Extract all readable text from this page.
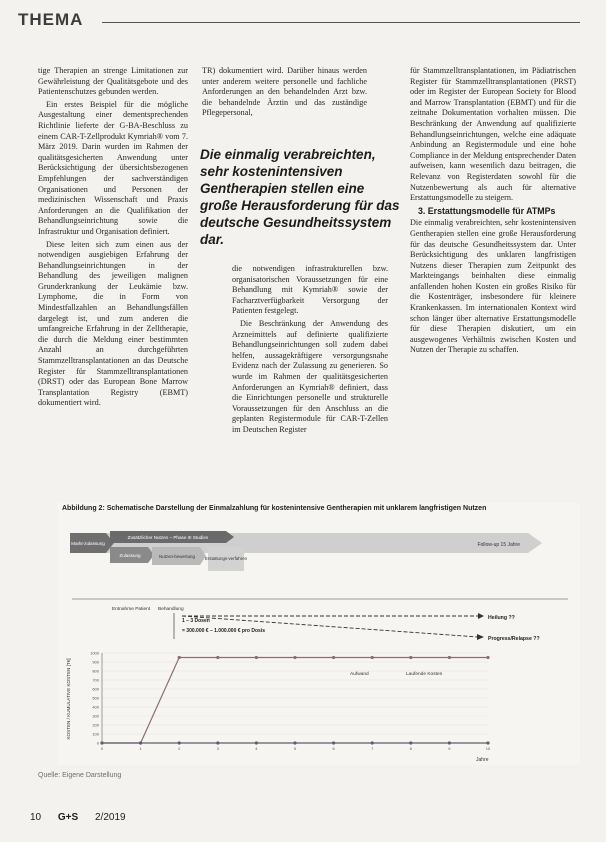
THEMA

tige Therapien an strenge Limitationen zur Gewährleistung der Qualitätsgebote und des Patientenschutzes gebunden werden.

Ein erstes Beispiel für die mögliche Ausgestaltung einer dementsprechenden Richtlinie lieferte der G-BA-Beschluss zu einem CAR-T-Zellprodukt Kymriah® vom 7. März 2019. Darin wurden im Rahmen der qualitätsgesicherten Anwendung unter Berücksichtigung der übersichtsbezogenen Empfehlungen der sachverständigen Organisationen und Personen der medizinischen Wissenschaft und Praxis Anforderungen an die Qualifikation der Behandlungseinrichtung sowie die Infrastruktur und Organisation definiert.

Diese leiten sich zum einen aus der notwendigen ausgiebigen Erfahrung der Behandlungseinrichtungen in der Behandlung des jeweiligen malignen Grunderkrankung der Leukämie bzw. Lymphome, die in Form von Mindestfallzahlen an Behandlungsfällen dargelegt ist, und zum anderen die umfangreiche Erfahrung in der Zelltherapie, die durch die Meldung einer bestimmten Anzahl an durchgeführten Stammzelltransplantationen an das Deutsche Register für Stammzelltransplantationen (DRST) oder das European Bone Marrow Transplantation Registry (EBMT) dokumentiert wird.

TR) dokumentiert wird. Darüber hinaus werden unter anderem weitere personelle und fachliche Anforderungen an den behandelnden Arzt bzw. die behandelnde Ärztin und das zuständige Pflegepersonal,

Die einmalig verabreichten, sehr kostenintensiven Gentherapien stellen eine große Herausforderung für das deutsche Gesundheitssystem dar.

die notwendigen infrastrukturellen bzw. organisatorischen Voraussetzungen für eine Behandlung mit Kymriah® sowie der Facharztverfügbarkeit Versorgung der Patienten festgelegt.

Die Beschränkung der Anwendung des Arzneimittels auf definierte qualifizierte Behandlungseinrichtungen soll zudem dabei helfen, aussagekräftigere versorgungsnahe Evidenz nach der Zulassung zu generieren. So wurde im Rahmen der qualitätsgesicherten Anforderungen an Kymriah® definiert, dass die Einrichtungen personelle und strukturelle Voraussetzungen für den Anschluss an die geplanten Registermodule für CAR-T-Zellen im Deutschen Register

für Stammzelltransplantationen, im Pädiatrischen Register für Stammzelltransplantationen (PRST) oder im Register der European Society for Blood and Marrow Transplantation (EBMT) und für die zeitnahe Dokumentation vorhalten müssen. Die Beschränkung der Anwendung auf qualifizierte Behandlungseinrichtungen, welche eine adäquate Anbindung an Registermodule und eine hohe Compliance in der Meldung entsprechender Daten aufweisen, kann wesentlich dazu beitragen, die Relevanz von Registerdaten sowohl für die Nutzenbewertung als auch für alternative Erstattungsmodelle zu steigern.

3. Erstattungsmodelle für ATMPs

Die einmalig verabreichten, sehr kostenintensiven Gentherapien stellen eine große Herausforderung für das deutsche Gesundheitssystem dar. Unter Berücksichtigung des unklaren langfristigen Nutzens dieser Therapien zum Zeitpunkt des Markteingangs beinhalten diese einmalig anfallenden hohen Kosten ein großes Risiko für die Kostenträger, insbesondere für kleinere Krankenkassen. Im internationalen Kontext wird schon länger über alternative Erstattungsmodelle für diese Therapien diskutiert, um ein ausgewogenes Verhältnis zwischen Kosten und Nutzen der Therapie zu schaffen.

Abbildung 2: Schematische Darstellung der Einmalzahlung für kostenintensive Gentherapien mit unklarem langfristigen Nutzen
Markt-zulassung
Zusätzlicher Nutzen – Phase III Studien
Zulassung	Nutzen-bewertung Erstattungs-verfahren
Follow-up 15 Jahre
Entnahme Patient Behandlung
1 – 3 Dosen
= 300.000 € – 1.000.000 € pro Dosis
Heilung ??
Progress/Relapse ??
0
100
200
300
400
500
600
700
800
900
1000
0	1	2	3	4	5	6	7	8	9	10
KOSTEN / KUMULATIVE KOSTEN [T€]
Jahre
Aufwand	Laufende Kosten
Quelle: Eigene Darstellung
10 G+S 2/2019
